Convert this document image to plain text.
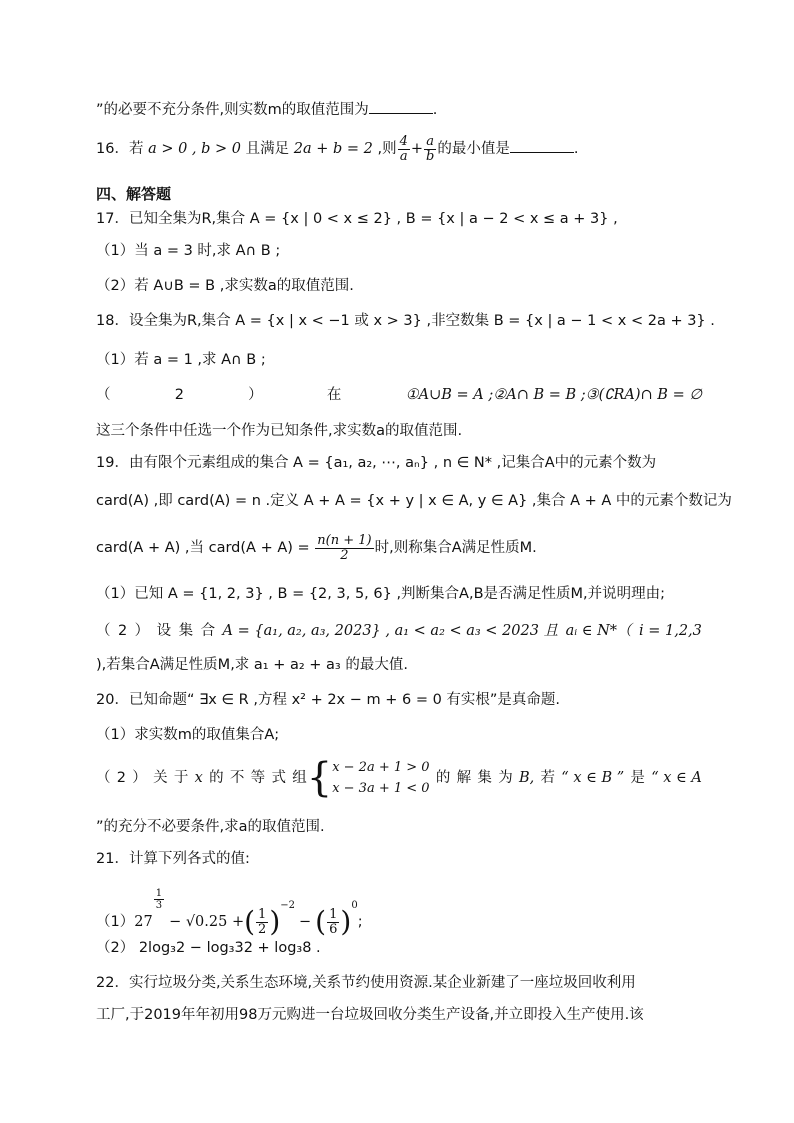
”的必要不充分条件,则实数m的取值范围为	.
16．若 a > 0 , b > 0 且满足 2a + b = 2 ,则 $\frac{4}{a} + \frac{a}{b}$ 的最小值是	.
四、解答题
17．已知全集为R,集合 A = {x | 0 < x ≤ 2} , B = {x | a − 2 < x ≤ a + 3} ,
（1）当 a = 3 时,求 A∩ B ;
（2）若 A∪B = B ,求实数a的取值范围.
18．设全集为R,集合 A = {x | x < −1 或 x > 3} ,非空数集 B = {x | a − 1 < x < 2a + 3} .
（1）若 a = 1 ,求 A∩ B ;
（	2	）	在	①A∪B = A ;②A∩ B = B ;③(∁RA)∩ B = ∅
这三个条件中任选一个作为已知条件,求实数a的取值范围.
19．由有限个元素组成的集合 A = {a₁, a₂, ⋯, aₙ} , n ∈ N* ,记集合A中的元素个数为
card(A) ,即 card(A) = n .定义 A + A = {x + y | x ∈ A, y ∈ A} ,集合 A + A 中的元素个数记为
card(A + A) ,当 card(A + $A) = \frac{n(n + 1)}{2}$ 时,则称集合A满足性质M.
（1）已知 A = {1, 2, 3} , B = {2, 3, 5, 6} ,判断集合A,B是否满足性质M,并说明理由;
（ 2 ） 设 集 合 A = {a₁, a₂, a₃, 2023} , a₁ < a₂ < a₃ < 2023 且 aᵢ ∈ N*（ i = 1,2,3
),若集合A满足性质M,求 a₁ + a₂ + a₃ 的最大值.
20．已知命题“ ∃x ∈ R ,方程 x² + 2x − m + 6 = 0 有实根”是真命题.
（1）求实数m的取值集合A;
（ 2 ） 关 于 x 的 不 等 式 组{ x − 2a + 1 > 0
x − 3a + 1 < 0
的 解 集 为 B, 若 “ x ∈ B ” 是 “ x ∈ A
”的充分不必要条件,求a的取值范围.
21．计算下列各式的值:
（1）27
$\frac{1}{3}$
− √0.25 +( $\frac{1}{2} )^{-2}-$ ( $\frac{1}{6} )^0$;
（2） 2log₃2 − log₃32 + log₃8 .
22．实行垃圾分类,关系生态环境,关系节约使用资源.某企业新建了一座垃圾回收利用
工厂,于2019年年初用98万元购进一台垃圾回收分类生产设备,并立即投入生产使用.该
